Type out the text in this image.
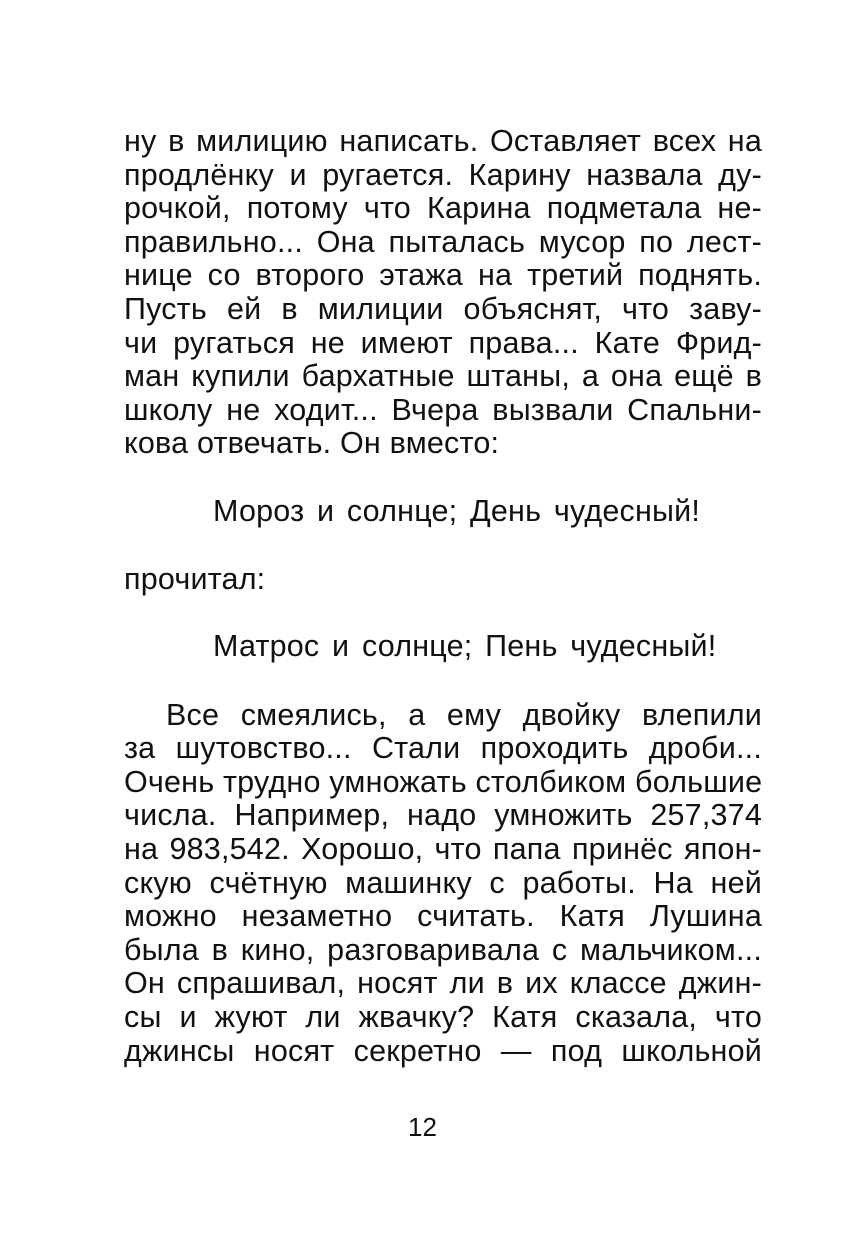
ну в милицию написать. Оставляет всех на
продлёнку и ругается. Карину назвала ду-
рочкой, потому что Карина подметала не-
правильно... Она пыталась мусор по лест-
нице со второго этажа на третий поднять.
Пусть ей в милиции объяснят, что заву-
чи ругаться не имеют права... Кате Фрид-
ман купили бархатные штаны, а она ещё в
школу не ходит... Вчера вызвали Спальни-
кова отвечать. Он вместо:
Мороз и солнце; День чудесный!
прочитал:
Матрос и солнце; Пень чудесный!
Все смеялись, а ему двойку влепили
за шутовство... Стали проходить дроби...
Очень трудно умножать столбиком большие
числа. Например, надо умножить 257,374
на 983,542. Хорошо, что папа принёс япон-
скую счётную машинку с работы. На ней
можно незаметно считать. Катя Лушина
была в кино, разговаривала с мальчиком...
Он спрашивал, носят ли в их классе джин-
сы и жуют ли жвачку? Катя сказала, что
джинсы носят секретно — под школьной
12
